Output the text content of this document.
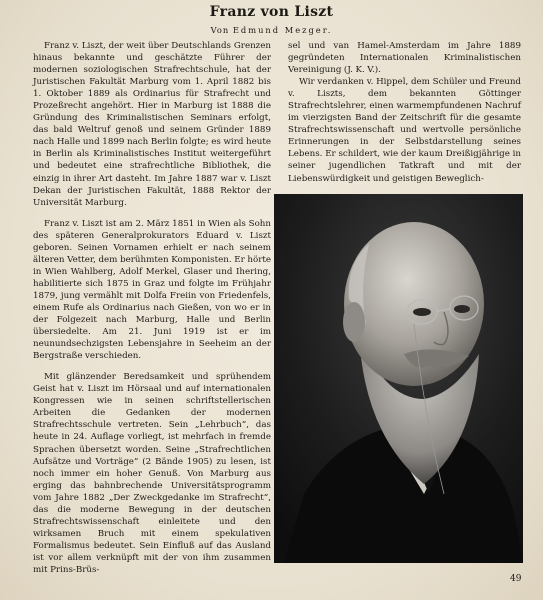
Franz von Liszt
Von Edmund Mezger.

Franz v. Liszt, der weit über Deutschlands Grenzen hinaus bekannte und geschätzte Führer der modernen soziologischen Strafrechtschule, hat der Juristischen Fakultät Marburg vom 1. April 1882 bis 1. Oktober 1889 als Ordinarius für Strafrecht und Prozeßrecht angehört. Hier in Marburg ist 1888 die Gründung des Kriminalistischen Seminars erfolgt, das bald Weltruf genoß und seinem Gründer 1889 nach Halle und 1899 nach Berlin folgte; es wird heute in Berlin als Kriminalistisches Institut weitergeführt und bedeutet eine strafrechtliche Bibliothek, die einzig in ihrer Art dasteht. Im Jahre 1887 war v. Liszt Dekan der Juristischen Fakultät, 1888 Rektor der Universität Marburg.

Franz v. Liszt ist am 2. März 1851 in Wien als Sohn des späteren Generalprokurators Eduard v. Liszt geboren. Seinen Vornamen erhielt er nach seinem älteren Vetter, dem berühmten Komponisten. Er hörte in Wien Wahlberg, Adolf Merkel, Glaser und Ihering, habilitierte sich 1875 in Graz und folgte im Frühjahr 1879, jung vermählt mit Dolfa Freiin von Friedenfels, einem Rufe als Ordinarius nach Gießen, von wo er in der Folgezeit nach Marburg, Halle und Berlin übersiedelte. Am 21. Juni 1919 ist er im neunundsechzigsten Lebensjahre in Seeheim an der Bergstraße verschieden.

Mit glänzender Beredsamkeit und sprühendem Geist hat v. Liszt im Hörsaal und auf internationalen Kongressen wie in seinen schriftstellerischen Arbeiten die Gedanken der modernen Strafrechtsschule vertreten. Sein „Lehrbuch“, das heute in 24. Auflage vorliegt, ist mehrfach in fremde Sprachen übersetzt worden. Seine „Strafrechtlichen Aufsätze und Vorträge“ (2 Bände 1905) zu lesen, ist noch immer ein hoher Genuß. Von Marburg aus erging das bahnbrechende Universitätsprogramm vom Jahre 1882 „Der Zweckgedanke im Strafrecht“, das die moderne Bewegung in der deutschen Strafrechtswissenschaft einleitete und den wirksamen Bruch mit einem spekulativen Formalismus bedeutet. Sein Einfluß auf das Ausland ist vor allem verknüpft mit der von ihm zusammen mit Prins-Brüs-

sel und van Hamel-Amsterdam im Jahre 1889 gegründeten Internationalen Kriminalistischen Vereinigung (J. K. V.).

Wir verdanken v. Hippel, dem Schüler und Freund v. Liszts, dem bekannten Göttinger Strafrechtslehrer, einen warmempfundenen Nachruf im vierzigsten Band der Zeitschrift für die gesamte Strafrechtswissenschaft und wertvolle persönliche Erinnerungen in der Selbstdarstellung seines Lebens. Er schildert, wie der kaum Dreißigjährige in seiner jugendlichen Tatkraft und mit der Liebenswürdigkeit und geistigen Beweglich-

49
